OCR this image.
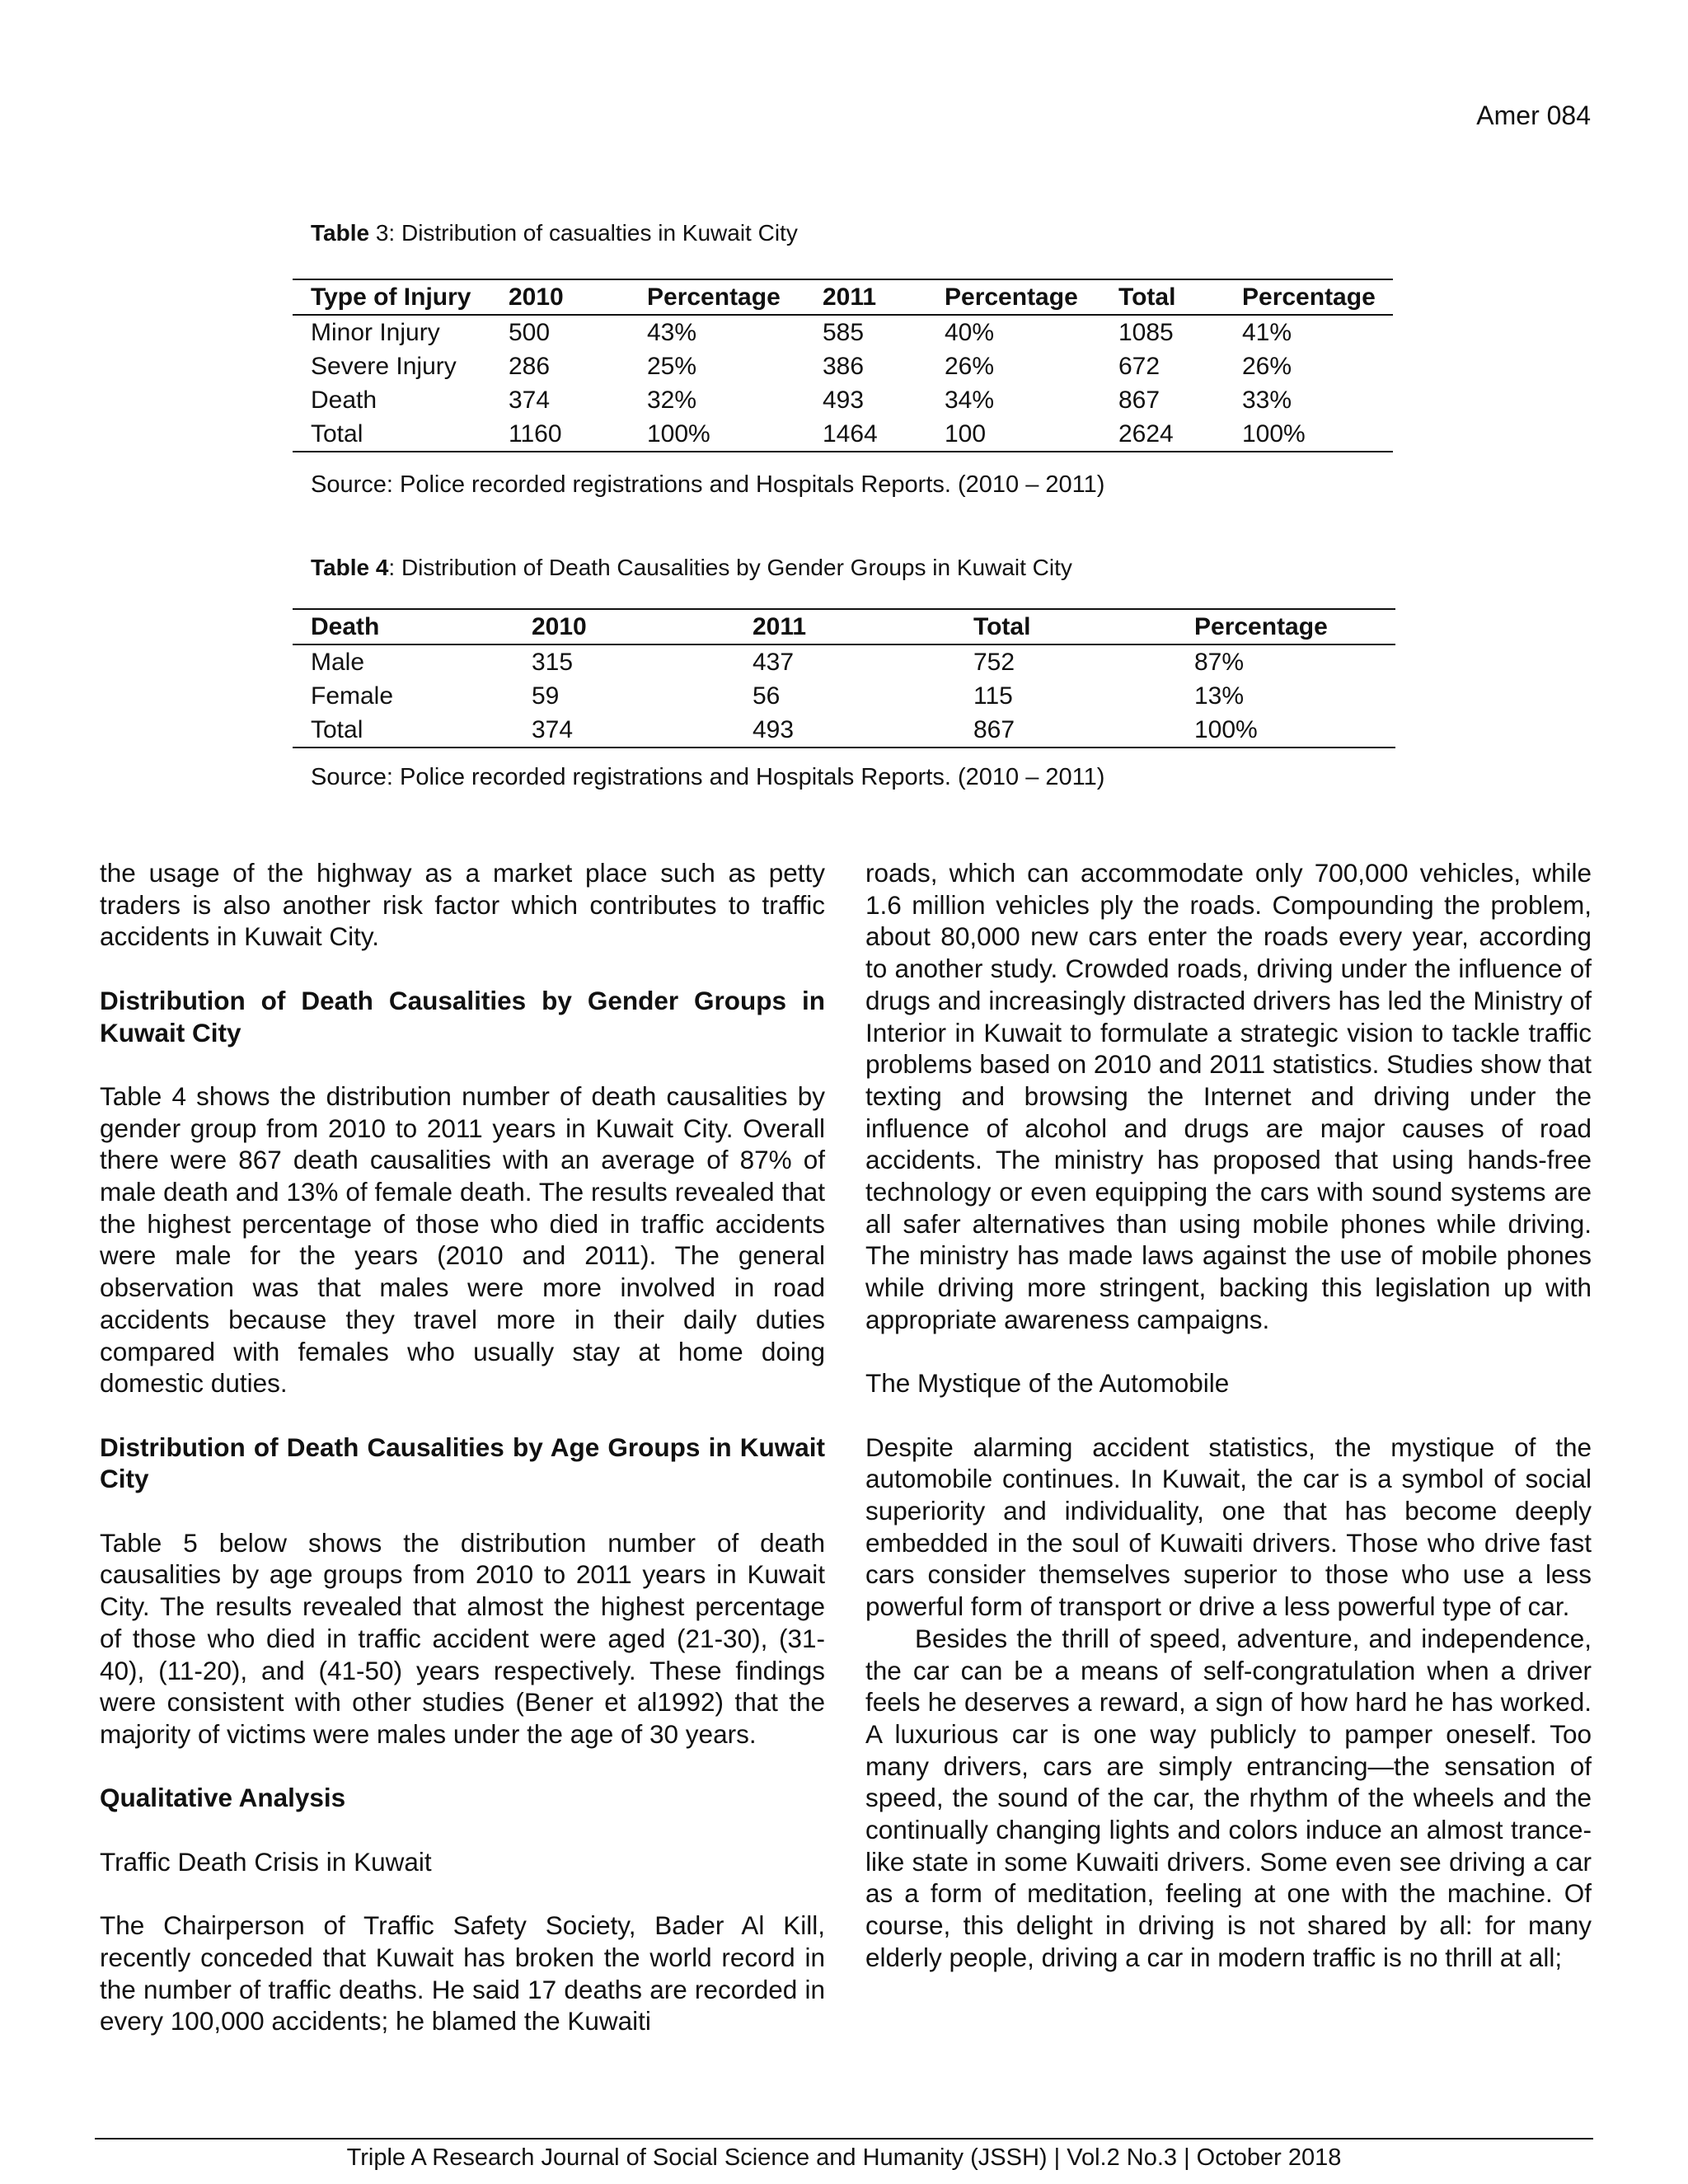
Amer 084
Table 3: Distribution of casualties in Kuwait City
Type of Injury	2010	Percentage	2011	Percentage	Total	Percentage
Minor Injury	500	43%	585	40%	1085	41%
Severe Injury	286	25%	386	26%	672	26%
Death	374	32%	493	34%	867	33%
Total	1160	100%	1464	100	2624	100%
Source: Police recorded registrations and Hospitals Reports. (2010 – 2011)
Table 4: Distribution of Death Causalities by Gender Groups in Kuwait City
Death	2010	2011	Total	Percentage
Male	315	437	752	87%
Female	59	56	115	13%
Total	374	493	867	100%
Source: Police recorded registrations and Hospitals Reports. (2010 – 2011)

the usage of the highway as a market place such as petty traders is also another risk factor which contributes to traffic accidents in Kuwait City.

Distribution of Death Causalities by Gender Groups in Kuwait City

Table 4 shows the distribution number of death causalities by gender group from 2010 to 2011 years in Kuwait City. Overall there were 867 death causalities with an average of 87% of male death and 13% of female death. The results revealed that the highest percentage of those who died in traffic accidents were male for the years (2010 and 2011). The general observation was that males were more involved in road accidents because they travel more in their daily duties compared with females who usually stay at home doing domestic duties.

Distribution of Death Causalities by Age Groups in Kuwait City

Table 5 below shows the distribution number of death causalities by age groups from 2010 to 2011 years in Kuwait City. The results revealed that almost the highest percentage of those who died in traffic accident were aged (21-30), (31-40), (11-20), and (41-50) years respectively. These findings were consistent with other studies (Bener et al1992) that the majority of victims were males under the age of 30 years.

Qualitative Analysis

Traffic Death Crisis in Kuwait

The Chairperson of Traffic Safety Society, Bader Al Kill, recently conceded that Kuwait has broken the world record in the number of traffic deaths. He said 17 deaths are recorded in every 100,000 accidents; he blamed the Kuwaiti

roads, which can accommodate only 700,000 vehicles, while 1.6 million vehicles ply the roads. Compounding the problem, about 80,000 new cars enter the roads every year, according to another study. Crowded roads, driving under the influence of drugs and increasingly distracted drivers has led the Ministry of Interior in Kuwait to formulate a strategic vision to tackle traffic problems based on 2010 and 2011 statistics. Studies show that texting and browsing the Internet and driving under the influence of alcohol and drugs are major causes of road accidents. The ministry has proposed that using hands-free technology or even equipping the cars with sound systems are all safer alternatives than using mobile phones while driving. The ministry has made laws against the use of mobile phones while driving more stringent, backing this legislation up with appropriate awareness campaigns.

The Mystique of the Automobile

Despite alarming accident statistics, the mystique of the automobile continues. In Kuwait, the car is a symbol of social superiority and individuality, one that has become deeply embedded in the soul of Kuwaiti drivers. Those who drive fast cars consider themselves superior to those who use a less powerful form of transport or drive a less powerful type of car.

Besides the thrill of speed, adventure, and independence, the car can be a means of self-congratulation when a driver feels he deserves a reward, a sign of how hard he has worked. A luxurious car is one way publicly to pamper oneself. Too many drivers, cars are simply entrancing—the sensation of speed, the sound of the car, the rhythm of the wheels and the continually changing lights and colors induce an almost trance-like state in some Kuwaiti drivers. Some even see driving a car as a form of meditation, feeling at one with the machine. Of course, this delight in driving is not shared by all: for many elderly people, driving a car in modern traffic is no thrill at all;

Triple A Research Journal of Social Science and Humanity (JSSH) | Vol.2 No.3 | October 2018
